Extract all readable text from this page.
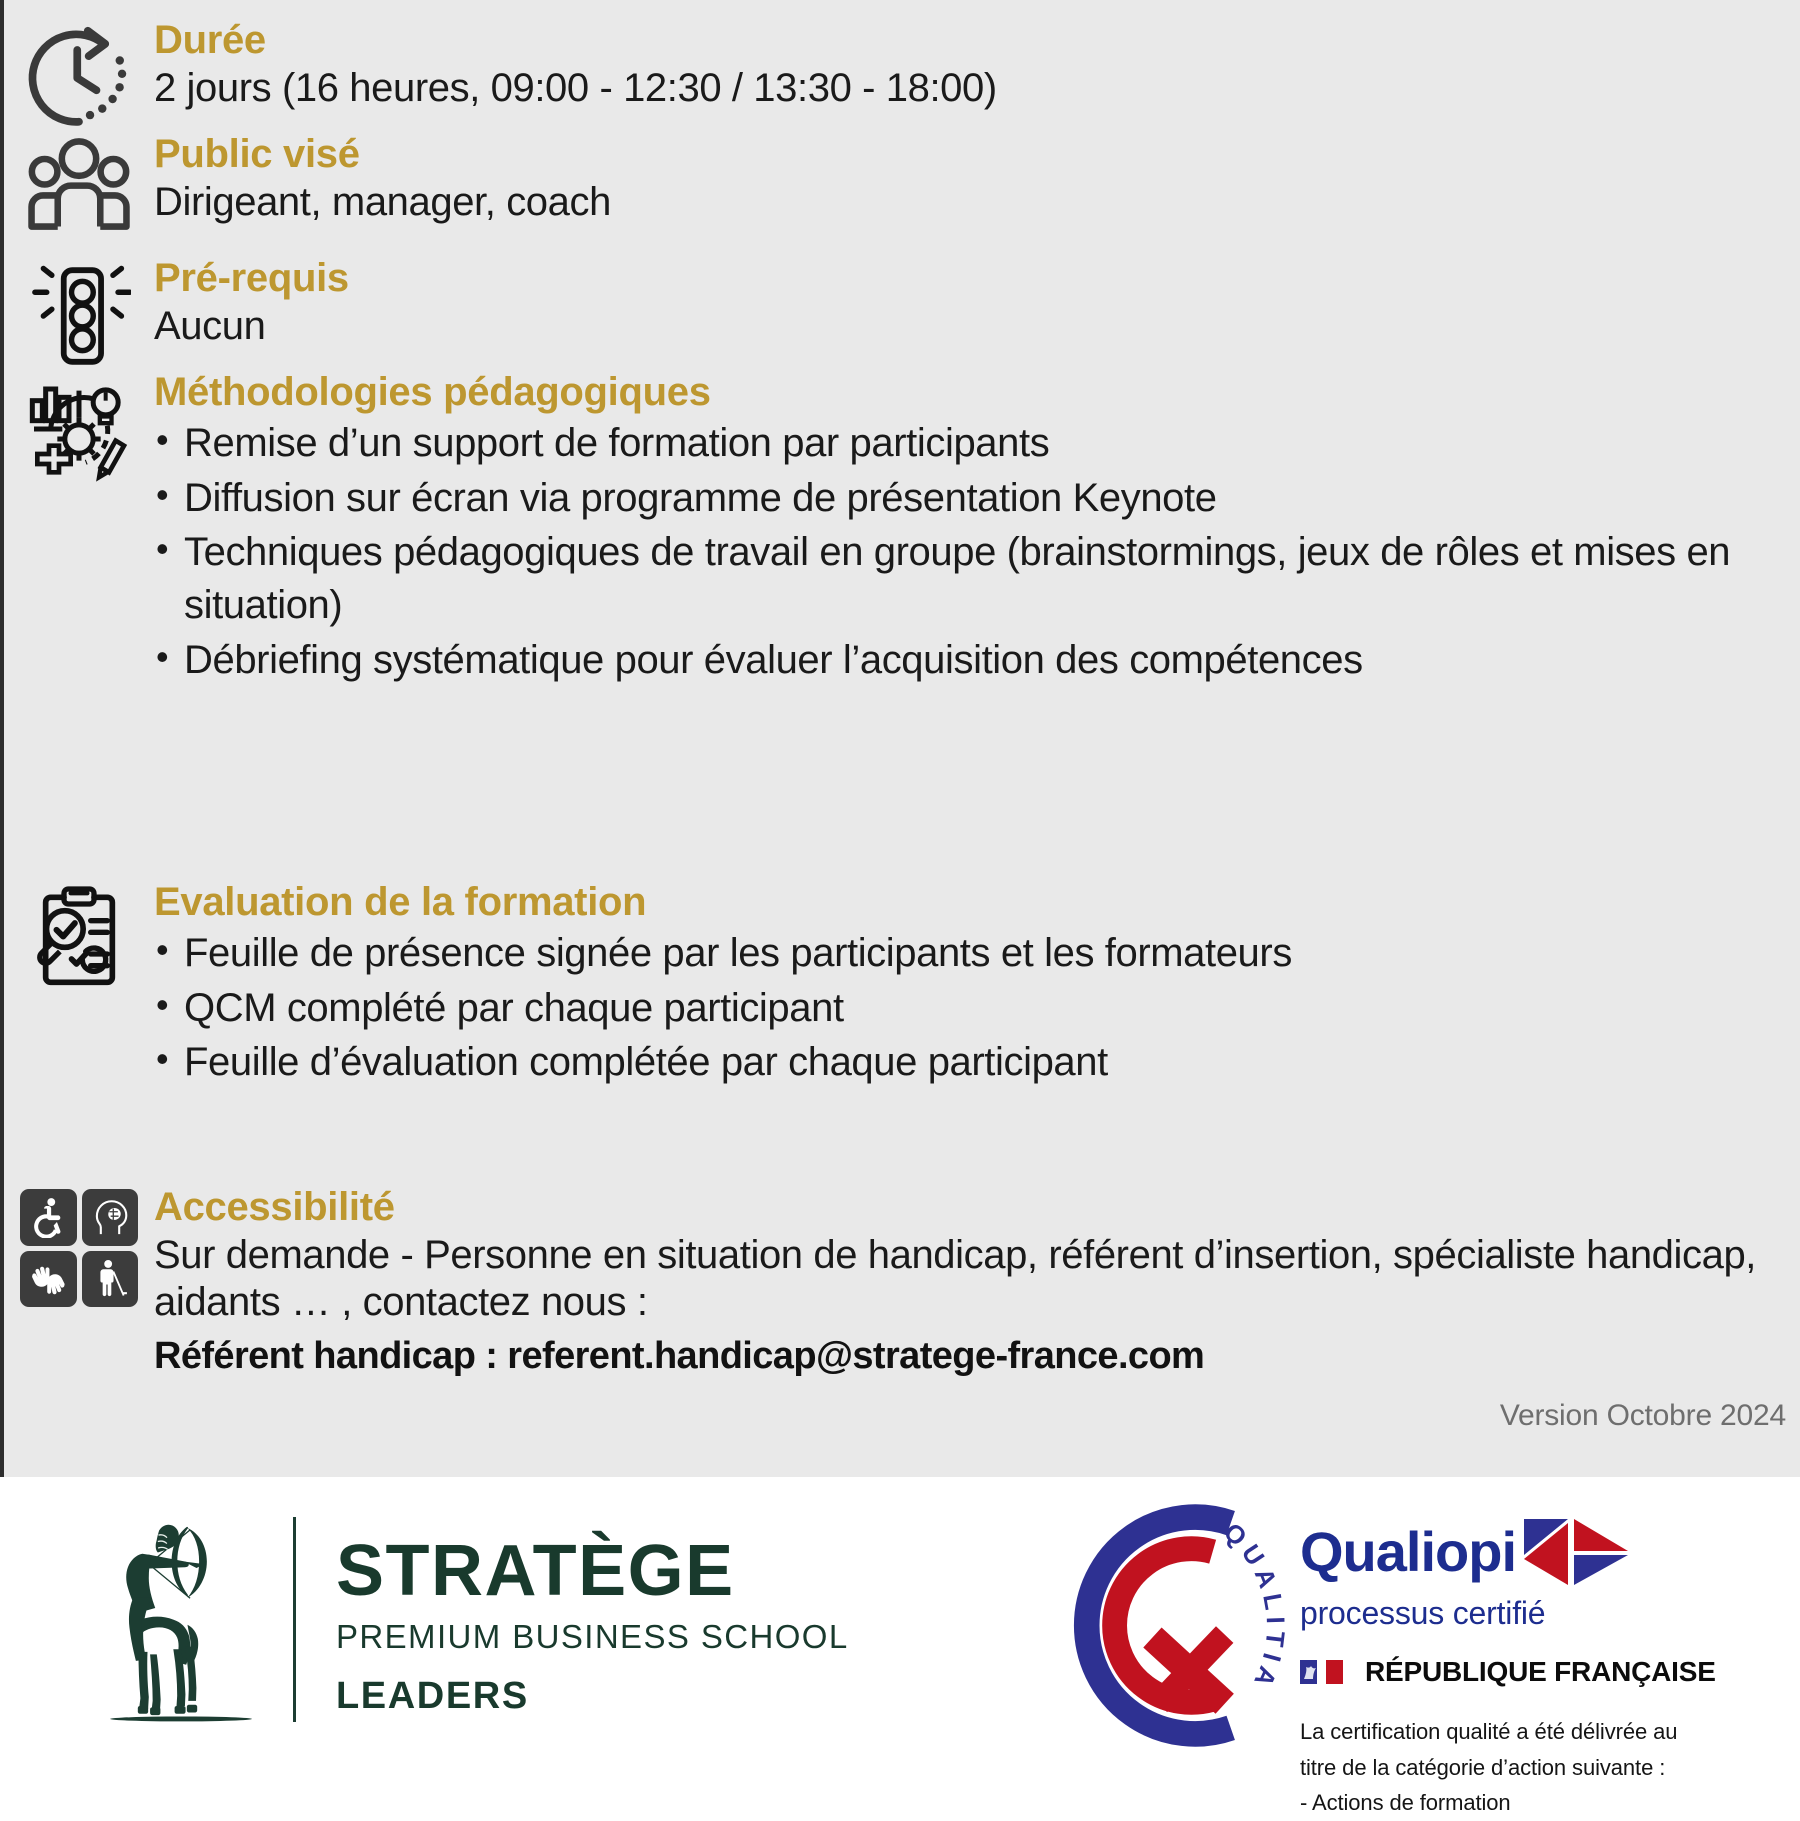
Durée

2 jours (16 heures, 09:00 - 12:30 / 13:30 - 18:00)

Public visé

Dirigeant, manager, coach

Pré-requis

Aucun

Méthodologies pédagogiques
• Remise d’un support de formation par participants
• Diffusion sur écran via programme de présentation Keynote
• Techniques pédagogiques de travail en groupe (brainstormings, jeux de rôles et mises en situation)
• Débriefing systématique pour évaluer l’acquisition des compétences
Evaluation de la formation
• Feuille de présence signée par les participants et les formateurs
• QCM complété par chaque participant
• Feuille d’évaluation complétée par chaque participant
Accessibilité

Sur demande - Personne en situation de handicap, référent d’insertion, spécialiste handicap, aidants … , contactez nous :

Référent handicap : referent.handicap@stratege-france.com

Version Octobre 2024
STRATÈGE
PREMIUM BUSINESS SCHOOL
LEADERS
QUALITIA
Qualiopi
processus certifié
RÉPUBLIQUE FRANÇAISE
La certification qualité a été délivrée au
titre de la catégorie d’action suivante :
- Actions de formation
